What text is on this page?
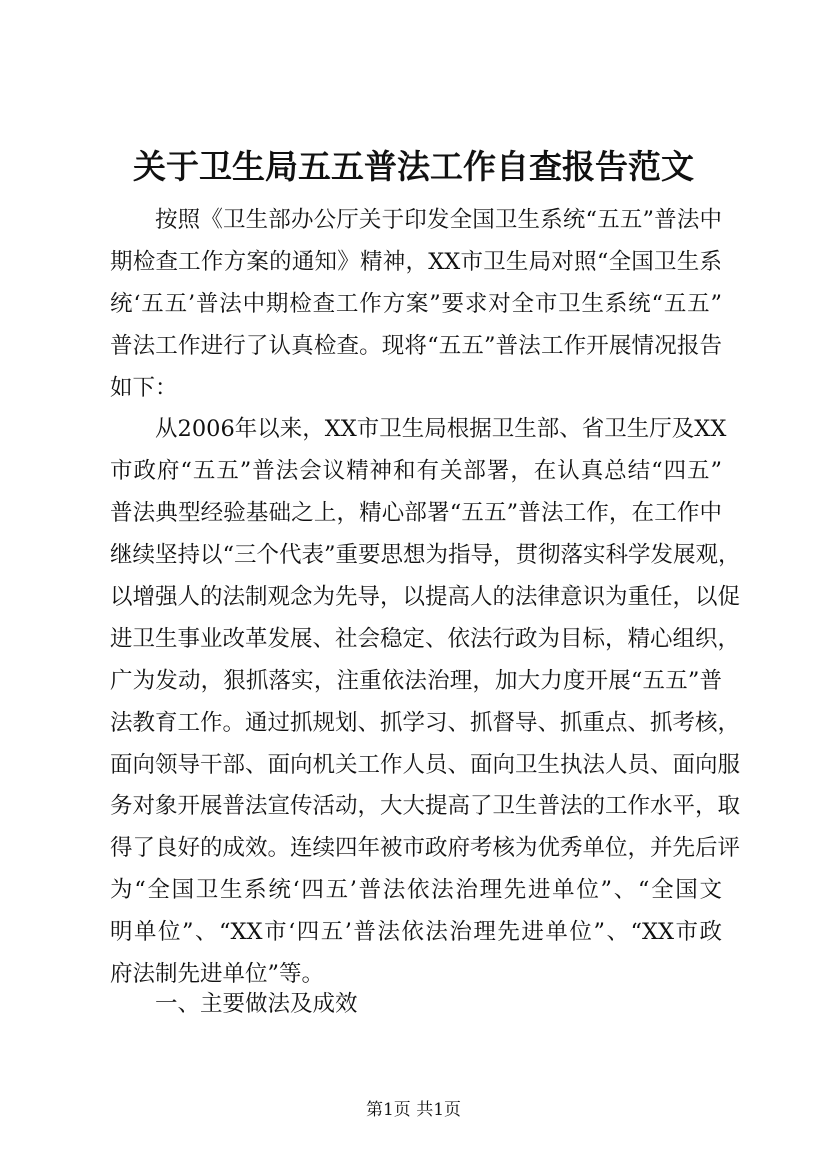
关于卫生局五五普法工作自查报告范文
按照《卫生部办公厅关于印发全国卫生系统“五五”普法中
期检查工作方案的通知》精神，XX市卫生局对照“全国卫生系
统‘五五’普法中期检查工作方案”要求对全市卫生系统“五五”
普法工作进行了认真检查。现将“五五”普法工作开展情况报告
如下：
从2006年以来，XX市卫生局根据卫生部、省卫生厅及XX
市政府“五五”普法会议精神和有关部署，在认真总结“四五”
普法典型经验基础之上，精心部署“五五”普法工作，在工作中
继续坚持以“三个代表”重要思想为指导，贯彻落实科学发展观，
以增强人的法制观念为先导，以提高人的法律意识为重任，以促
进卫生事业改革发展、社会稳定、依法行政为目标，精心组织，
广为发动，狠抓落实，注重依法治理，加大力度开展“五五”普
法教育工作。通过抓规划、抓学习、抓督导、抓重点、抓考核，
面向领导干部、面向机关工作人员、面向卫生执法人员、面向服
务对象开展普法宣传活动，大大提高了卫生普法的工作水平，取
得了良好的成效。连续四年被市政府考核为优秀单位，并先后评
为“全国卫生系统‘四五’普法依法治理先进单位”、“全国文
明单位”、“XX市‘四五’普法依法治理先进单位”、“XX市政
府法制先进单位”等。
一、主要做法及成效
第1页 共1页
